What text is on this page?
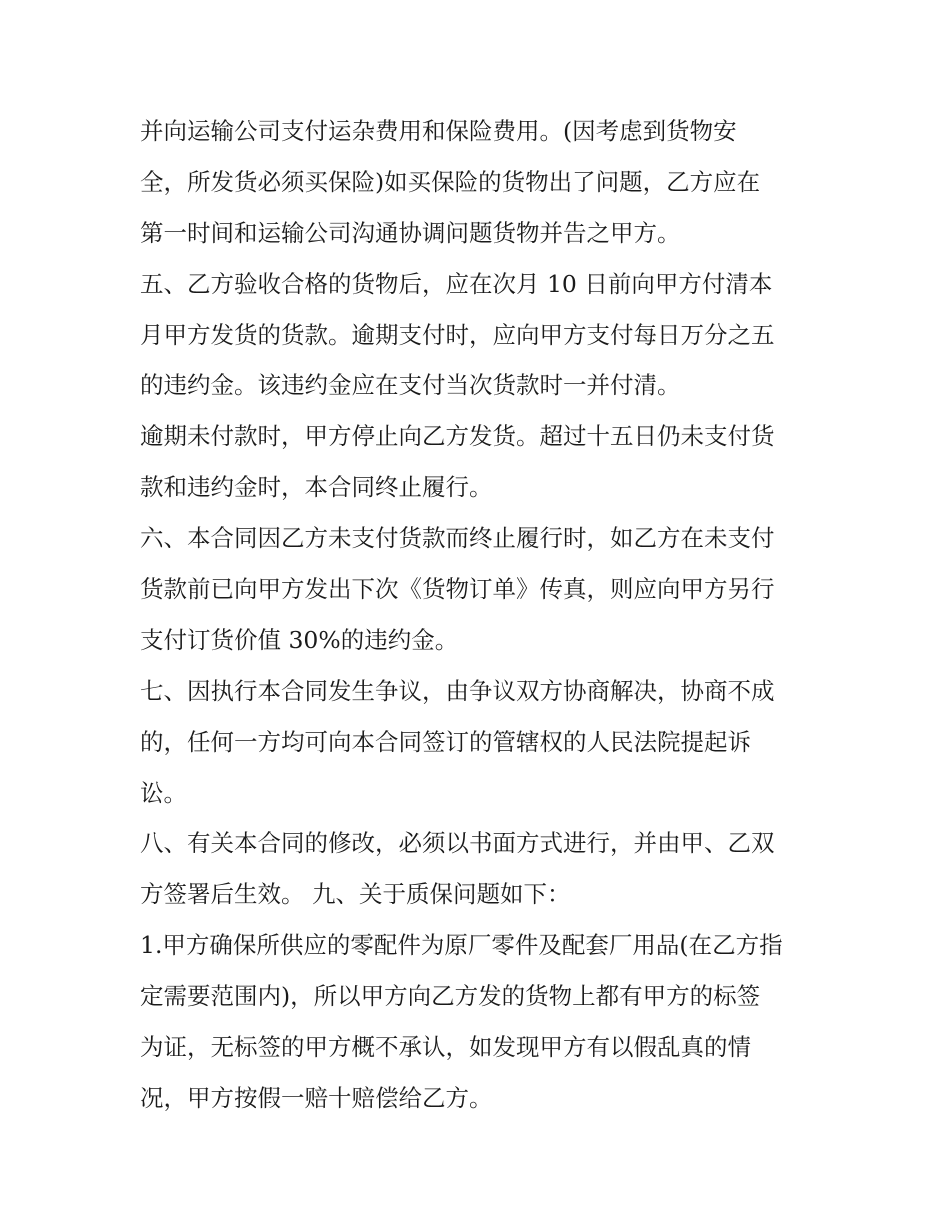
并向运输公司支付运杂费用和保险费用。(因考虑到货物安
全，所发货必须买保险)如买保险的货物出了问题，乙方应在
第一时间和运输公司沟通协调问题货物并告之甲方。
五、乙方验收合格的货物后，应在次月 10 日前向甲方付清本
月甲方发货的货款。逾期支付时，应向甲方支付每日万分之五
的违约金。该违约金应在支付当次货款时一并付清。
逾期未付款时，甲方停止向乙方发货。超过十五日仍未支付货
款和违约金时，本合同终止履行。
六、本合同因乙方未支付货款而终止履行时，如乙方在未支付
货款前已向甲方发出下次《货物订单》传真，则应向甲方另行
支付订货价值 30%的违约金。
七、因执行本合同发生争议，由争议双方协商解决，协商不成
的，任何一方均可向本合同签订的管辖权的人民法院提起诉
讼。
八、有关本合同的修改，必须以书面方式进行，并由甲、乙双
方签署后生效。 九、关于质保问题如下：
1.甲方确保所供应的零配件为原厂零件及配套厂用品(在乙方指
定需要范围内)，所以甲方向乙方发的货物上都有甲方的标签
为证，无标签的甲方概不承认，如发现甲方有以假乱真的情
况，甲方按假一赔十赔偿给乙方。
